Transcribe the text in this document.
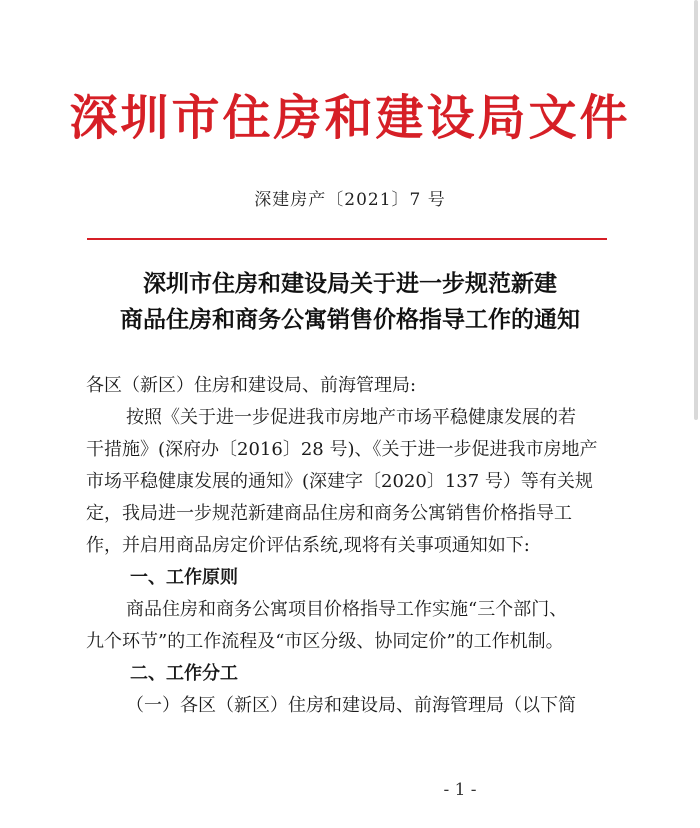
深圳市住房和建设局文件
深建房产〔2021〕7 号
深圳市住房和建设局关于进一步规范新建
商品住房和商务公寓销售价格指导工作的通知
各区（新区）住房和建设局、前海管理局:
按照《关于进一步促进我市房地产市场平稳健康发展的若
干措施》(深府办〔2016〕28 号)、《关于进一步促进我市房地产
市场平稳健康发展的通知》(深建字〔2020〕137 号）等有关规
定，我局进一步规范新建商品住房和商务公寓销售价格指导工
作，并启用商品房定价评估系统,现将有关事项通知如下:
一、工作原则
商品住房和商务公寓项目价格指导工作实施“三个部门、
九个环节”的工作流程及“市区分级、协同定价”的工作机制。
二、工作分工
（一）各区（新区）住房和建设局、前海管理局（以下简
- 1 -
